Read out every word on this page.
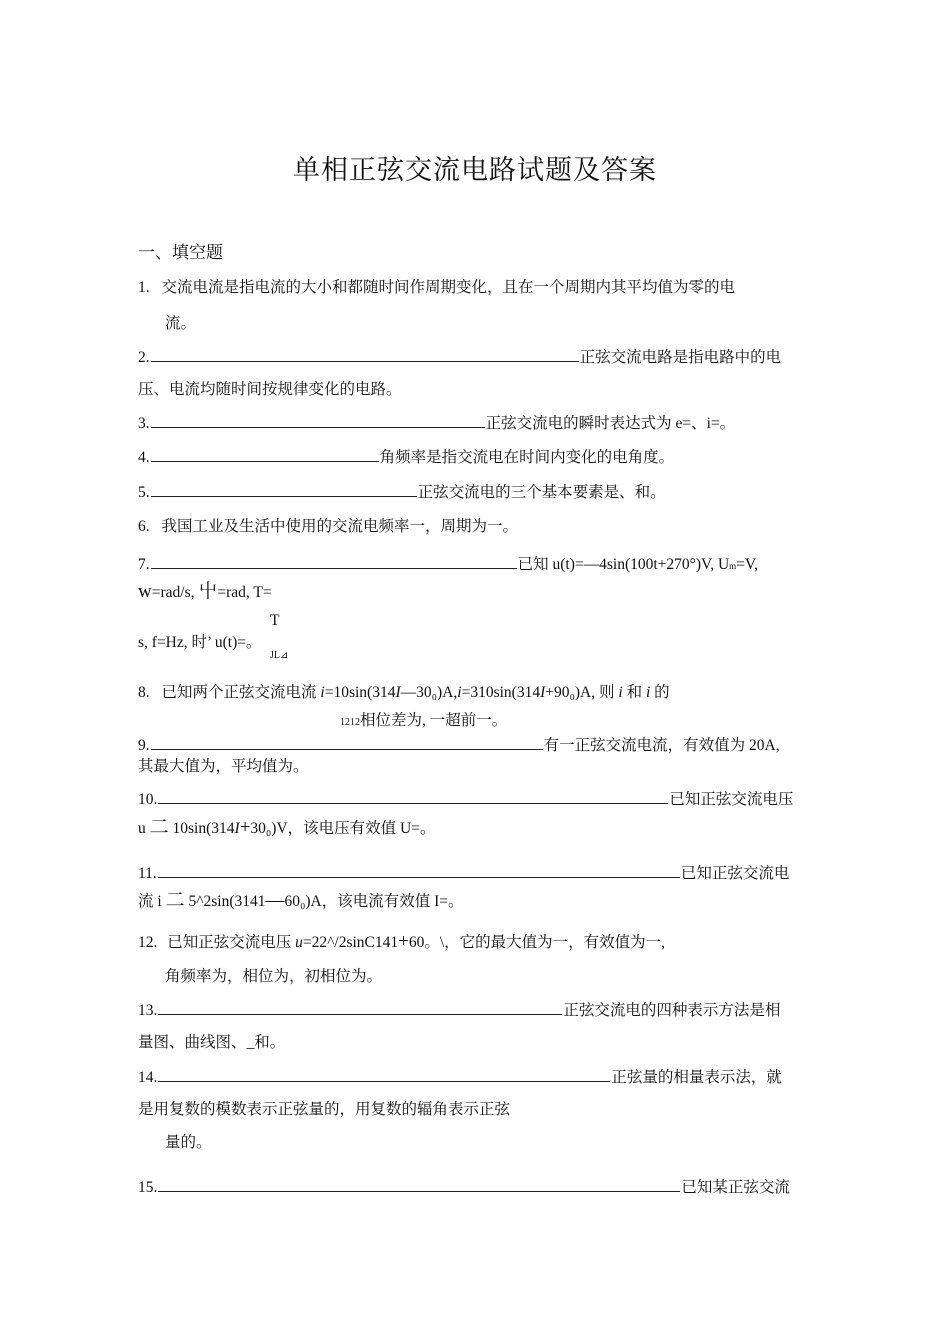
单相正弦交流电路试题及答案
一、填空题
1. 交流电流是指电流的大小和都随时间作周期变化，且在一个周期内其平均值为零的电
流。
2.	正弦交流电路是指电路中的电
压、电流均随时间按规律变化的电路。
3.	正弦交流电的瞬时表达式为 e=、i=。
4.	角频率是指交流电在时间内变化的电角度。
5.	正弦交流电的三个基本要素是、和。
6. 我国工业及生活中使用的交流电频率一，周期为一。
7.	已知 u(t)=—4sin(100t+270°)V, Um=V,
w=rad/s, 屮=rad, T=
T
s, f=Hz, 时’ u(t)=。
JL⊿
8. 已知两个正弦交流电流 i=10sin(314I—30₀)A,i=310sin(314I+90₀)A, 则 i 和 i 的
1212相位差为, 一超前一。
9.	有一正弦交流电流，有效值为 20A,
其最大值为，平均值为。
10.	已知正弦交流电压
u 二 10sin(314I+30₀)V，该电压有效值 U=。
11.	已知正弦交流电
流 i 二 5^2sin(3141—60₀)A，该电流有效值 I=。
12. 已知正弦交流电压 u=22^/2sinC141+60。\，它的最大值为一，有效值为一,
角频率为，相位为，初相位为。
13.	正弦交流电的四种表示方法是相
量图、曲线图、_和。
14.	正弦量的相量表示法，就
是用复数的模数表示正弦量的，用复数的辐角表示正弦
量的。
15.	已知某正弦交流
